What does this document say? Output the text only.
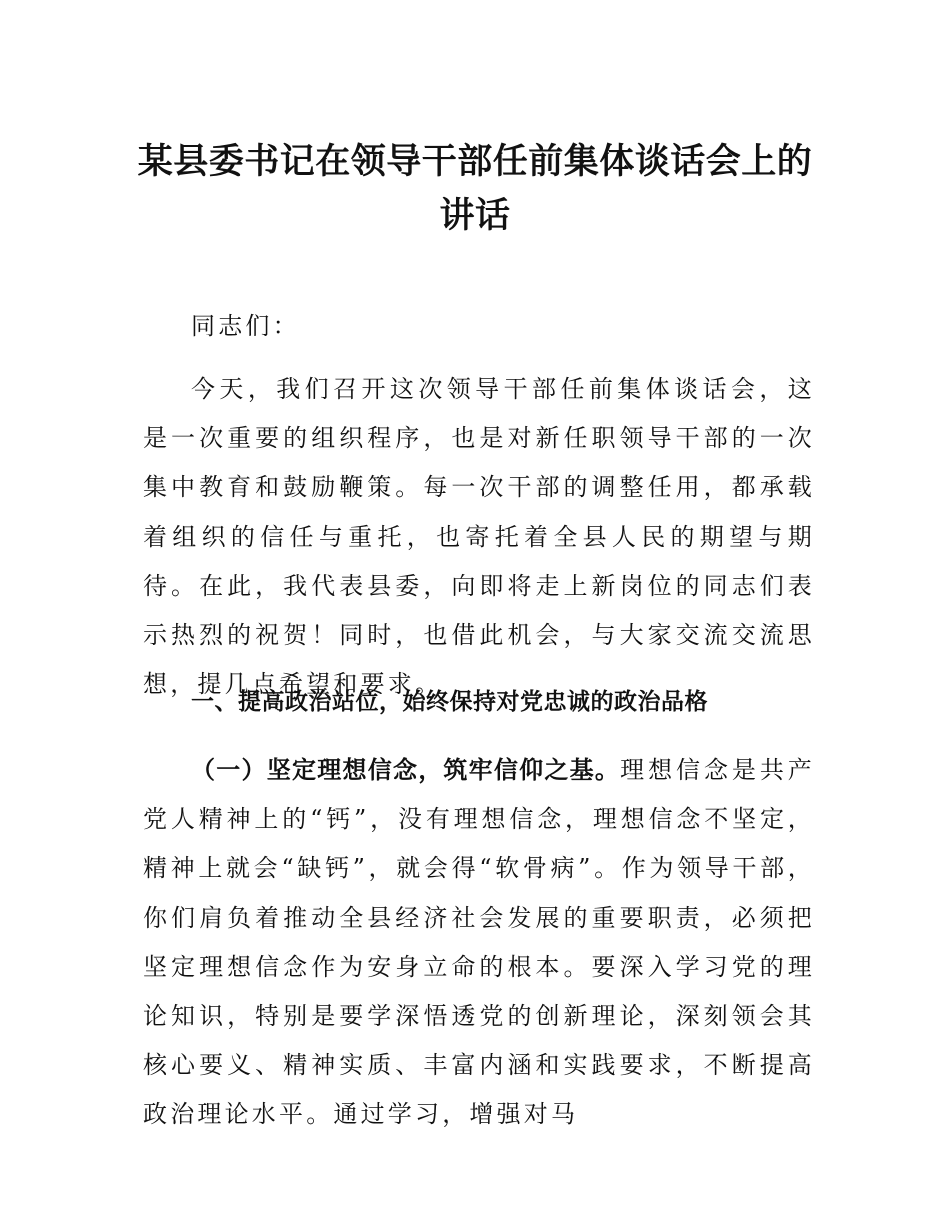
某县委书记在领导干部任前集体谈话会上的
讲话

同志们：

今天，我们召开这次领导干部任前集体谈话会，这是一次重要的组织程序，也是对新任职领导干部的一次集中教育和鼓励鞭策。每一次干部的调整任用，都承载着组织的信任与重托，也寄托着全县人民的期望与期待。在此，我代表县委，向即将走上新岗位的同志们表示热烈的祝贺！同时，也借此机会，与大家交流交流思想，提几点希望和要求。

一、提高政治站位，始终保持对党忠诚的政治品格

（一）坚定理想信念，筑牢信仰之基。理想信念是共产党人精神上的“钙”，没有理想信念，理想信念不坚定，精神上就会“缺钙”，就会得“软骨病”。作为领导干部，你们肩负着推动全县经济社会发展的重要职责，必须把坚定理想信念作为安身立命的根本。要深入学习党的理论知识，特别是要学深悟透党的创新理论，深刻领会其核心要义、精神实质、丰富内涵和实践要求，不断提高政治理论水平。通过学习，增强对马
